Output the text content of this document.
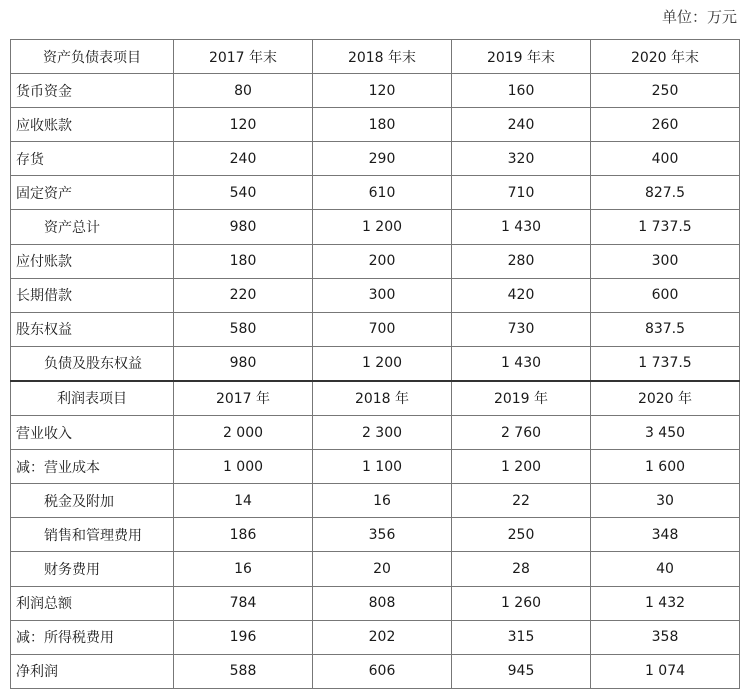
单位：万元
资产负债表项目	2017 年末	2018 年末	2019 年末	2020 年末
货币资金	80	120	160	250
应收账款	120	180	240	260
存货	240	290	320	400
固定资产	540	610	710	827.5
资产总计	980	1 200	1 430	1 737.5
应付账款	180	200	280	300
长期借款	220	300	420	600
股东权益	580	700	730	837.5
负债及股东权益	980	1 200	1 430	1 737.5
利润表项目	2017 年	2018 年	2019 年	2020 年
营业收入	2 000	2 300	2 760	3 450
减：营业成本	1 000	1 100	1 200	1 600
税金及附加	14	16	22	30
销售和管理费用	186	356	250	348
财务费用	16	20	28	40
利润总额	784	808	1 260	1 432
减：所得税费用	196	202	315	358
净利润	588	606	945	1 074
